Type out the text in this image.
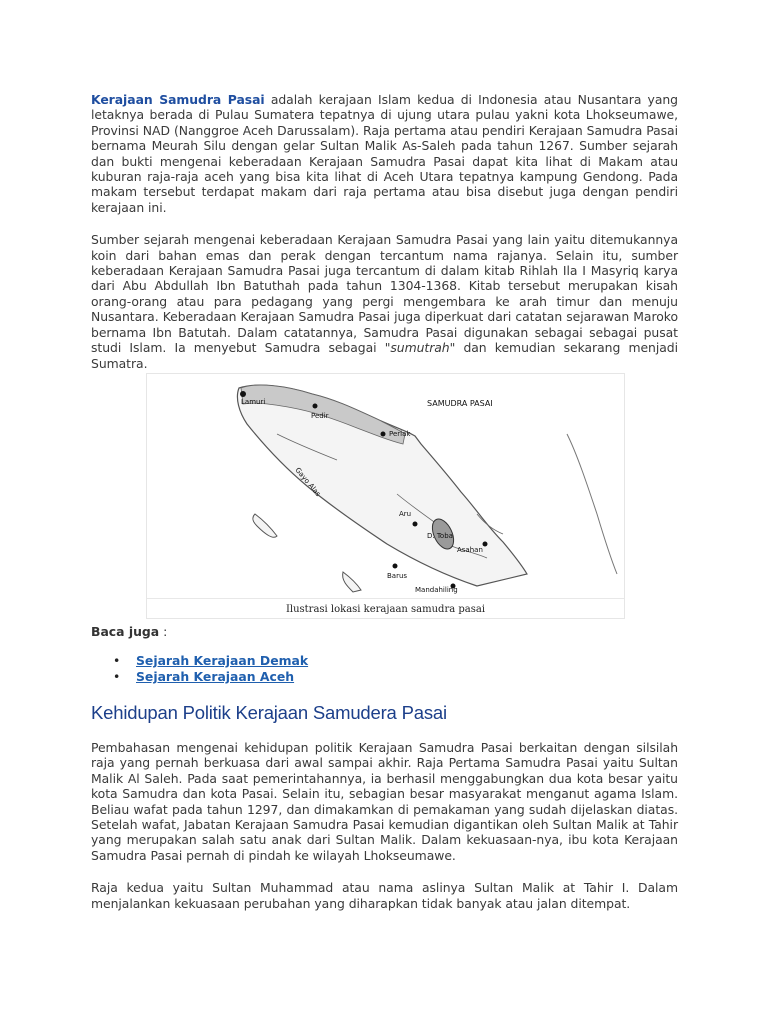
Kerajaan Samudra Pasai adalah kerajaan Islam kedua di Indonesia atau Nusantara yang letaknya berada di Pulau Sumatera tepatnya di ujung utara pulau yakni kota Lhokseumawe, Provinsi NAD (Nanggroe Aceh Darussalam). Raja pertama atau pendiri Kerajaan Samudra Pasai bernama Meurah Silu dengan gelar Sultan Malik As-Saleh pada tahun 1267. Sumber sejarah dan bukti mengenai keberadaan Kerajaan Samudra Pasai dapat kita lihat di Makam atau kuburan raja-raja aceh yang bisa kita lihat di Aceh Utara tepatnya kampung Gendong. Pada makam tersebut terdapat makam dari raja pertama atau bisa disebut juga dengan pendiri kerajaan ini.

Sumber sejarah mengenai keberadaan Kerajaan Samudra Pasai yang lain yaitu ditemukannya koin dari bahan emas dan perak dengan tercantum nama rajanya. Selain itu, sumber keberadaan Kerajaan Samudra Pasai juga tercantum di dalam kitab Rihlah Ila I Masyriq karya dari Abu Abdullah Ibn Batuthah pada tahun 1304-1368. Kitab tersebut merupakan kisah orang-orang atau para pedagang yang pergi mengembara ke arah timur dan menuju Nusantara. Keberadaan Kerajaan Samudra Pasai juga diperkuat dari catatan sejarawan Maroko bernama Ibn Batutah. Dalam catatannya, Samudra Pasai digunakan sebagai sebagai pusat studi Islam. Ia menyebut Samudra sebagai "sumutrah" dan kemudian sekarang menjadi Sumatra.

SAMUDRA PASAI
Lamuri
Pedir
Perlak
Gayo Alas
Aru
D. Toba
Asahan
Barus
Mandahiling
Ilustrasi lokasi kerajaan samudra pasai

Baca juga :

• Sejarah Kerajaan Demak
• Sejarah Kerajaan Aceh
Kehidupan Politik Kerajaan Samudera Pasai

Pembahasan mengenai kehidupan politik Kerajaan Samudra Pasai berkaitan dengan silsilah raja yang pernah berkuasa dari awal sampai akhir. Raja Pertama Samudra Pasai yaitu Sultan Malik Al Saleh. Pada saat pemerintahannya, ia berhasil menggabungkan dua kota besar yaitu kota Samudra dan kota Pasai. Selain itu, sebagian besar masyarakat menganut agama Islam. Beliau wafat pada tahun 1297, dan dimakamkan di pemakaman yang sudah dijelaskan diatas. Setelah wafat, Jabatan Kerajaan Samudra Pasai kemudian digantikan oleh Sultan Malik at Tahir yang merupakan salah satu anak dari Sultan Malik. Dalam kekuasaan-nya, ibu kota Kerajaan Samudra Pasai pernah di pindah ke wilayah Lhokseumawe.

Raja kedua yaitu Sultan Muhammad atau nama aslinya Sultan Malik at Tahir I. Dalam menjalankan kekuasaan perubahan yang diharapkan tidak banyak atau jalan ditempat.
